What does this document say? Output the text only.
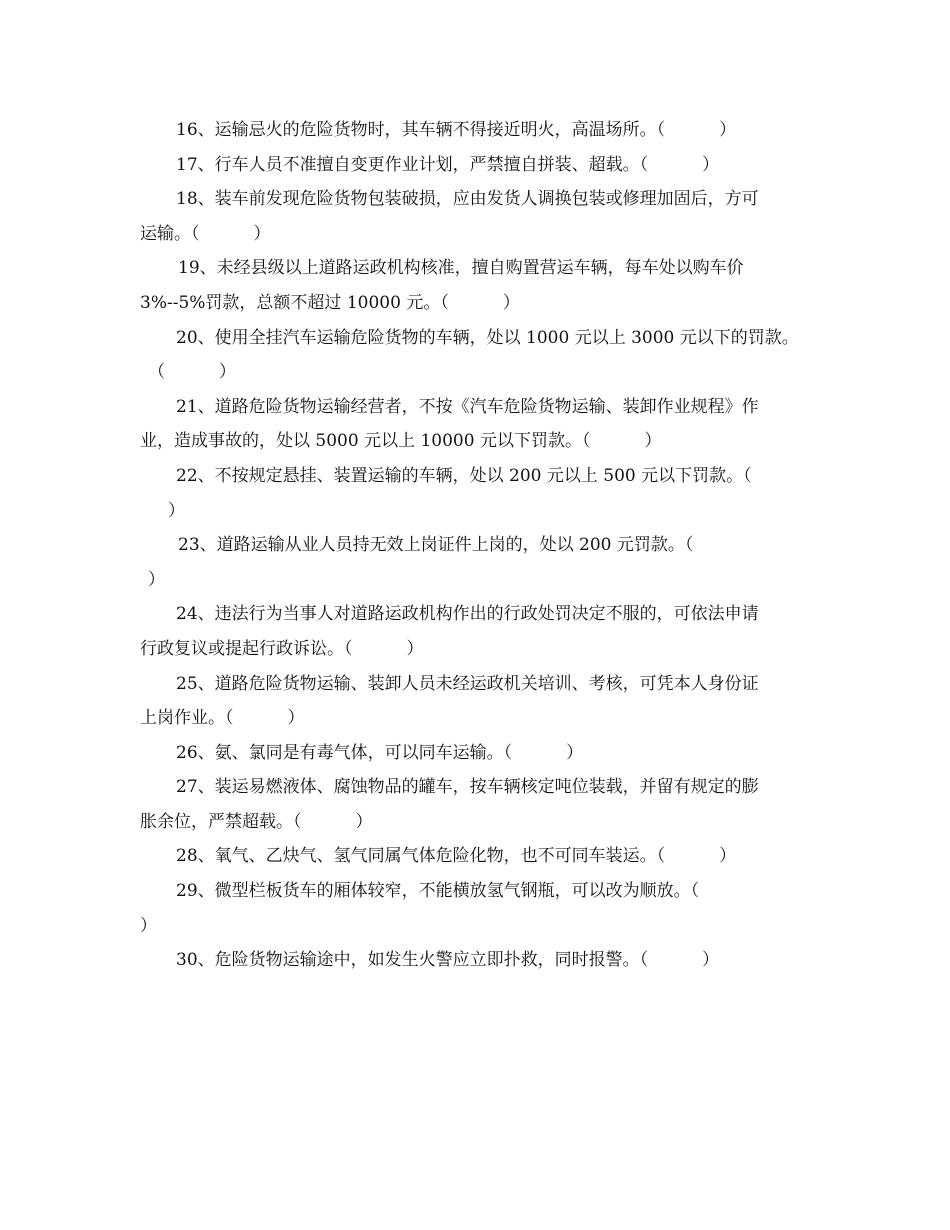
16、运输忌火的危险货物时，其车辆不得接近明火，高温场所。（          ）
17、行车人员不准擅自变更作业计划，严禁擅自拼装、超载。（          ）
18、装车前发现危险货物包装破损，应由发货人调换包装或修理加固后，方可
运输。（          ）
19、未经县级以上道路运政机构核准，擅自购置营运车辆，每车处以购车价
3%--5%罚款，总额不超过 10000 元。（          ）
20、使用全挂汽车运输危险货物的车辆，处以 1000 元以上 3000 元以下的罚款。
（          ）
21、道路危险货物运输经营者，不按《汽车危险货物运输、装卸作业规程》作
业，造成事故的，处以 5000 元以上 10000 元以下罚款。（          ）
22、不按规定悬挂、装置运输的车辆，处以 200 元以上 500 元以下罚款。（
）
23、道路运输从业人员持无效上岗证件上岗的，处以 200 元罚款。（
）
24、违法行为当事人对道路运政机构作出的行政处罚决定不服的，可依法申请
行政复议或提起行政诉讼。（          ）
25、道路危险货物运输、装卸人员未经运政机关培训、考核，可凭本人身份证
上岗作业。（          ）
26、氨、氯同是有毒气体，可以同车运输。（          ）
27、装运易燃液体、腐蚀物品的罐车，按车辆核定吨位装载，并留有规定的膨
胀余位，严禁超载。（          ）
28、氧气、乙炔气、氢气同属气体危险化物，也不可同车装运。（          ）
29、微型栏板货车的厢体较窄，不能横放氢气钢瓶，可以改为顺放。（
）
30、危险货物运输途中，如发生火警应立即扑救，同时报警。（          ）
